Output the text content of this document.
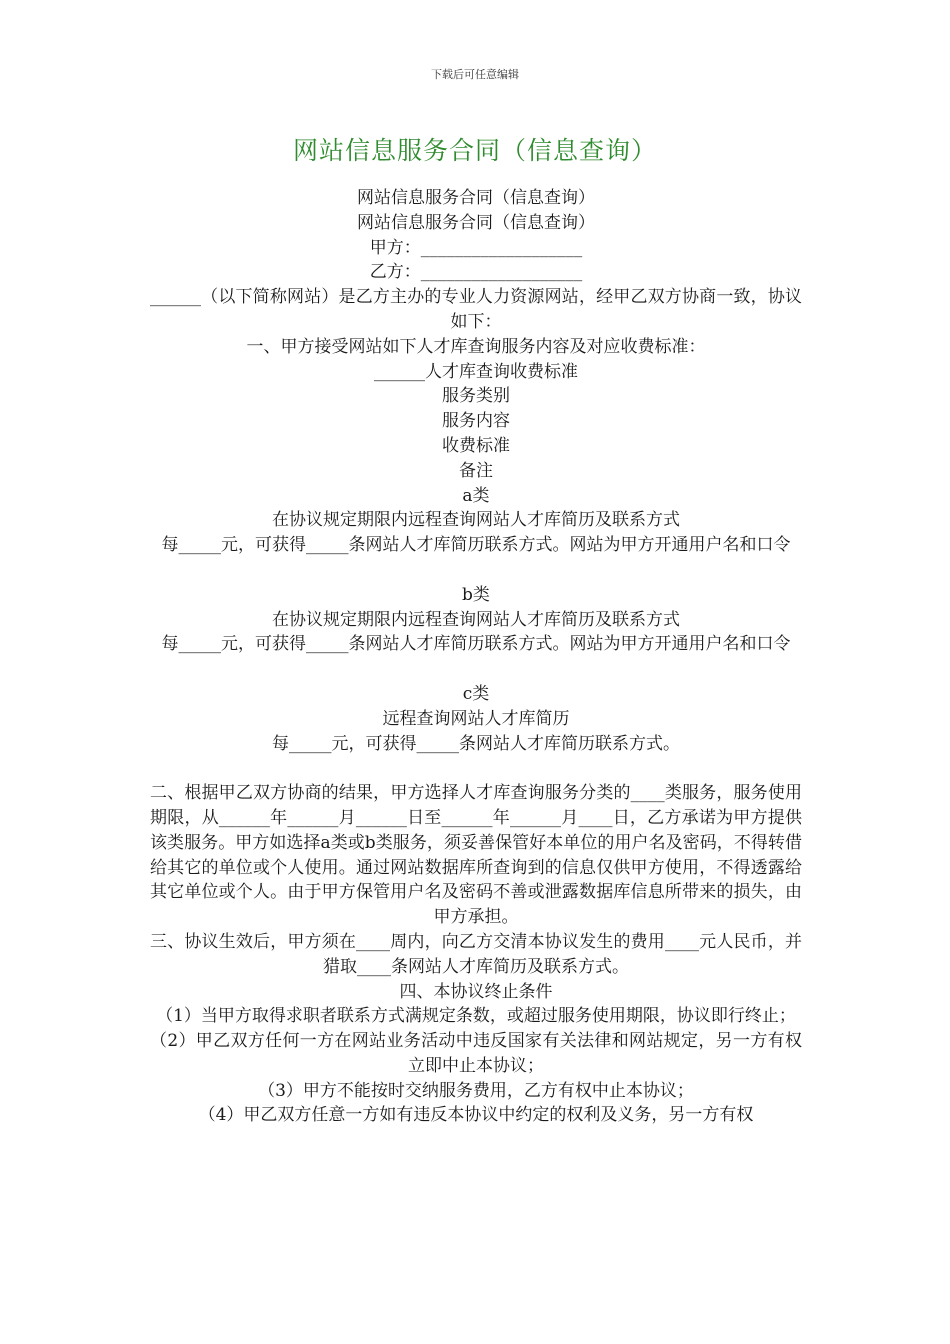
下载后可任意编辑
网站信息服务合同（信息查询）

网站信息服务合同（信息查询）

网站信息服务合同（信息查询）

甲方：___________________

乙方：___________________

______（以下简称网站）是乙方主办的专业人力资源网站，经甲乙双方协商一致，协议如下：

一、甲方接受网站如下人才库查询服务内容及对应收费标准：

______人才库查询收费标准

服务类别

服务内容

收费标准

备注

a类

在协议规定期限内远程查询网站人才库简历及联系方式

每_____元，可获得_____条网站人才库简历联系方式。网站为甲方开通用户名和口令

b类

在协议规定期限内远程查询网站人才库简历及联系方式

每_____元，可获得_____条网站人才库简历联系方式。网站为甲方开通用户名和口令

c类

远程查询网站人才库简历

每_____元，可获得_____条网站人才库简历联系方式。

二、根据甲乙双方协商的结果，甲方选择人才库查询服务分类的____类服务，服务使用期限，从______年______月______日至______年______月____日，乙方承诺为甲方提供该类服务。甲方如选择a类或b类服务，须妥善保管好本单位的用户名及密码，不得转借给其它的单位或个人使用。通过网站数据库所查询到的信息仅供甲方使用，不得透露给其它单位或个人。由于甲方保管用户名及密码不善或泄露数据库信息所带来的损失，由甲方承担。

三、协议生效后，甲方须在____周内，向乙方交清本协议发生的费用____元人民币，并猎取____条网站人才库简历及联系方式。

四、本协议终止条件

（1）当甲方取得求职者联系方式满规定条数，或超过服务使用期限，协议即行终止；

（2）甲乙双方任何一方在网站业务活动中违反国家有关法律和网站规定，另一方有权立即中止本协议；

（3）甲方不能按时交纳服务费用，乙方有权中止本协议；

（4）甲乙双方任意一方如有违反本协议中约定的权利及义务，另一方有权
